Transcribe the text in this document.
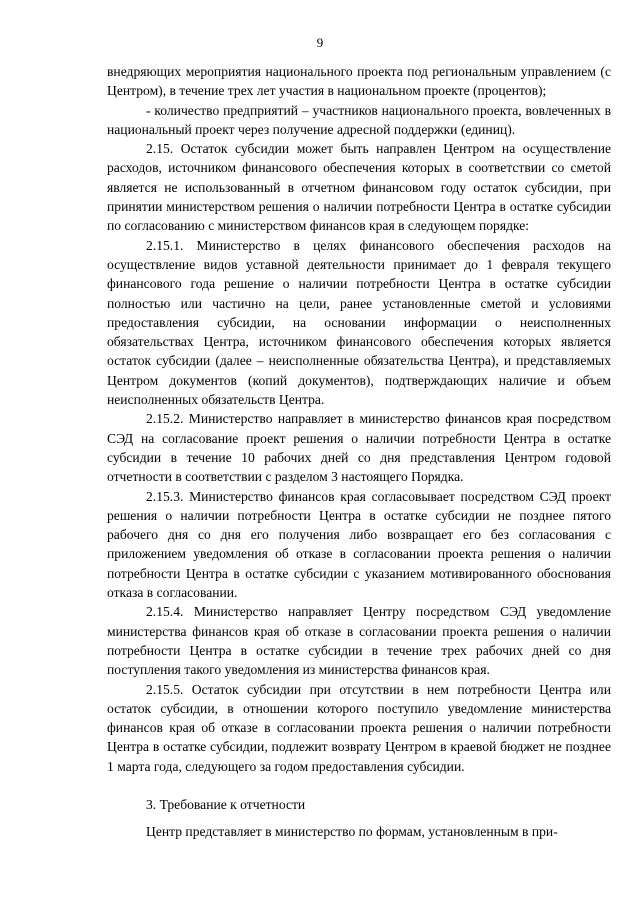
9

внедряющих мероприятия национального проекта под региональным управлением (с Центром), в течение трех лет участия в национальном проекте (процентов);

- количество предприятий – участников национального проекта, вовлеченных в национальный проект через получение адресной поддержки (единиц).

2.15. Остаток субсидии может быть направлен Центром на осуществление расходов, источником финансового обеспечения которых в соответствии со сметой является не использованный в отчетном финансовом году остаток субсидии, при принятии министерством решения о наличии потребности Центра в остатке субсидии по согласованию с министерством финансов края в следующем порядке:

2.15.1. Министерство в целях финансового обеспечения расходов на осуществление видов уставной деятельности принимает до 1 февраля текущего финансового года решение о наличии потребности Центра в остатке субсидии полностью или частично на цели, ранее установленные сметой и условиями предоставления субсидии, на основании информации о неисполненных обязательствах Центра, источником финансового обеспечения которых является остаток субсидии (далее – неисполненные обязательства Центра), и представляемых Центром документов (копий документов), подтверждающих наличие и объем неисполненных обязательств Центра.

2.15.2. Министерство направляет в министерство финансов края посредством СЭД на согласование проект решения о наличии потребности Центра в остатке субсидии в течение 10 рабочих дней со дня представления Центром годовой отчетности в соответствии с разделом 3 настоящего Порядка.

2.15.3. Министерство финансов края согласовывает посредством СЭД проект решения о наличии потребности Центра в остатке субсидии не позднее пятого рабочего дня со дня его получения либо возвращает его без согласования с приложением уведомления об отказе в согласовании проекта решения о наличии потребности Центра в остатке субсидии с указанием мотивированного обоснования отказа в согласовании.

2.15.4. Министерство направляет Центру посредством СЭД уведомление министерства финансов края об отказе в согласовании проекта решения о наличии потребности Центра в остатке субсидии в течение трех рабочих дней со дня поступления такого уведомления из министерства финансов края.

2.15.5. Остаток субсидии при отсутствии в нем потребности Центра или остаток субсидии, в отношении которого поступило уведомление министерства финансов края об отказе в согласовании проекта решения о наличии потребности Центра в остатке субсидии, подлежит возврату Центром в краевой бюджет не позднее 1 марта года, следующего за годом предоставления субсидии.

3. Требование к отчетности

Центр представляет в министерство по формам, установленным в при-
